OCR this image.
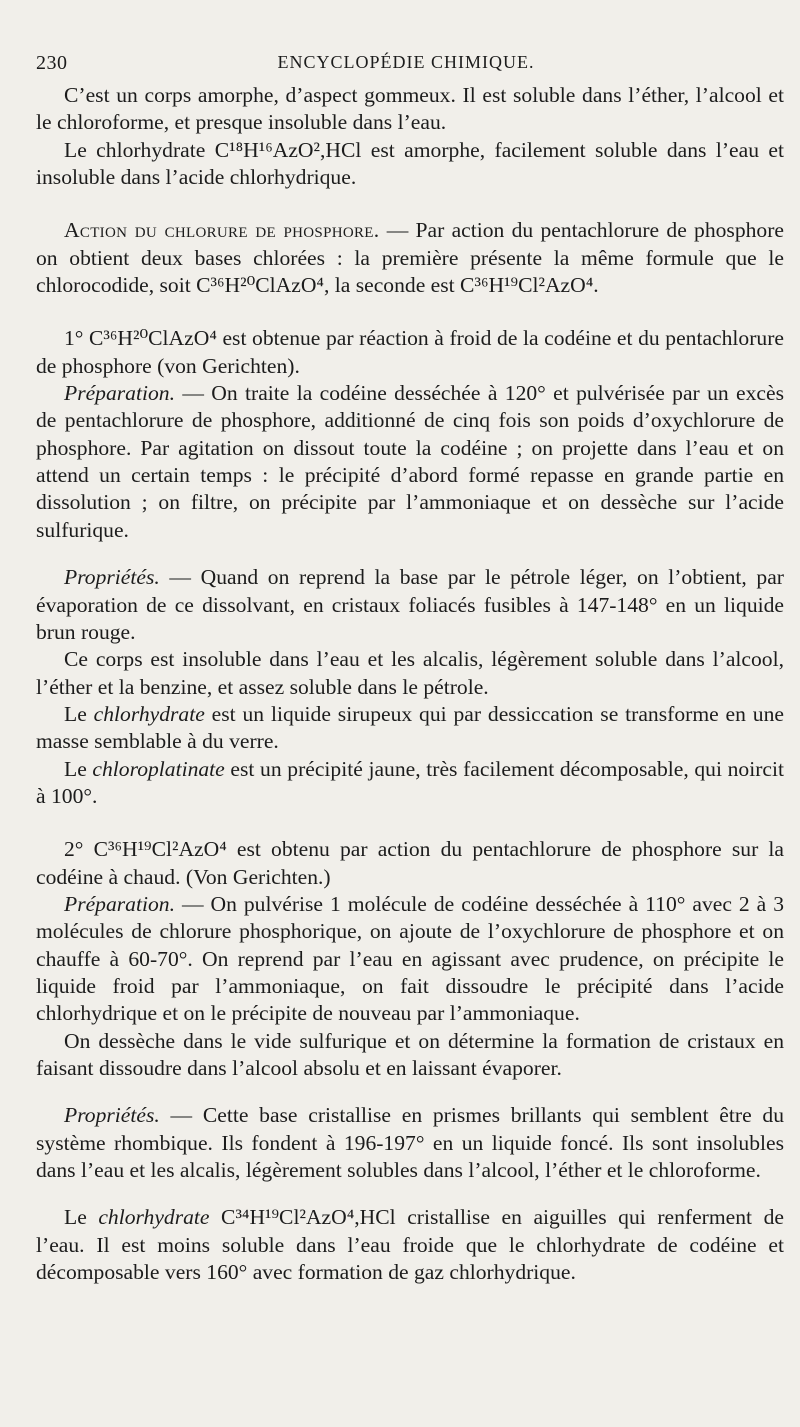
230	ENCYCLOPÉDIE CHIMIQUE.

C’est un corps amorphe, d’aspect gommeux. Il est soluble dans l’éther, l’alcool et le chloroforme, et presque insoluble dans l’eau.

Le chlorhydrate C¹⁸H¹⁶AzO²,HCl est amorphe, facilement soluble dans l’eau et insoluble dans l’acide chlorhydrique.

Action du chlorure de phosphore. — Par action du pentachlorure de phosphore on obtient deux bases chlorées : la première présente la même formule que le chlorocodide, soit C³⁶H²⁰ClAzO⁴, la seconde est C³⁶H¹⁹Cl²AzO⁴.

1° C³⁶H²⁰ClAzO⁴ est obtenue par réaction à froid de la codéine et du pentachlorure de phosphore (von Gerichten).

Préparation. — On traite la codéine desséchée à 120° et pulvérisée par un excès de pentachlorure de phosphore, additionné de cinq fois son poids d’oxychlorure de phosphore. Par agitation on dissout toute la codéine ; on projette dans l’eau et on attend un certain temps : le précipité d’abord formé repasse en grande partie en dissolution ; on filtre, on précipite par l’ammoniaque et on dessèche sur l’acide sulfurique.

Propriétés. — Quand on reprend la base par le pétrole léger, on l’obtient, par évaporation de ce dissolvant, en cristaux foliacés fusibles à 147-148° en un liquide brun rouge.

Ce corps est insoluble dans l’eau et les alcalis, légèrement soluble dans l’alcool, l’éther et la benzine, et assez soluble dans le pétrole.

Le chlorhydrate est un liquide sirupeux qui par dessiccation se transforme en une masse semblable à du verre.

Le chloroplatinate est un précipité jaune, très facilement décomposable, qui noircit à 100°.

2° C³⁶H¹⁹Cl²AzO⁴ est obtenu par action du pentachlorure de phosphore sur la codéine à chaud. (Von Gerichten.)

Préparation. — On pulvérise 1 molécule de codéine desséchée à 110° avec 2 à 3 molécules de chlorure phosphorique, on ajoute de l’oxychlorure de phosphore et on chauffe à 60-70°. On reprend par l’eau en agissant avec prudence, on précipite le liquide froid par l’ammoniaque, on fait dissoudre le précipité dans l’acide chlorhydrique et on le précipite de nouveau par l’ammoniaque.

On dessèche dans le vide sulfurique et on détermine la formation de cristaux en faisant dissoudre dans l’alcool absolu et en laissant évaporer.

Propriétés. — Cette base cristallise en prismes brillants qui semblent être du système rhombique. Ils fondent à 196-197° en un liquide foncé. Ils sont insolubles dans l’eau et les alcalis, légèrement solubles dans l’alcool, l’éther et le chloroforme.

Le chlorhydrate C³⁴H¹⁹Cl²AzO⁴,HCl cristallise en aiguilles qui renferment de l’eau. Il est moins soluble dans l’eau froide que le chlorhydrate de codéine et décomposable vers 160° avec formation de gaz chlorhydrique.
